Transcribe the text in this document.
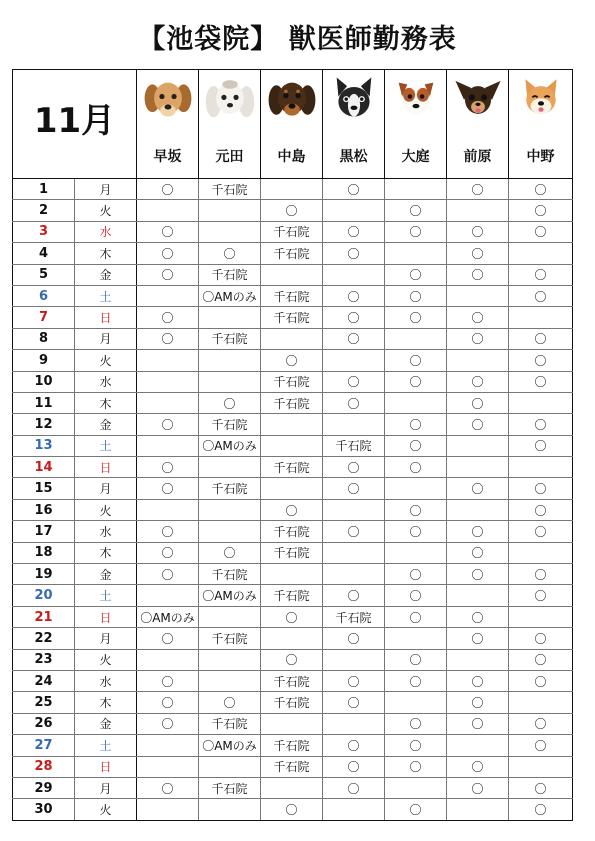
【池袋院】 獣医師勤務表
11月		早坂	元田	中島	黒松	大庭	前原	中野

1	月	〇	千石院		〇		〇	〇
2	火			〇		〇		〇
3	水	〇		千石院	〇	〇	〇	〇
4	木	〇	〇	千石院	〇		〇	
5	金	〇	千石院			〇	〇	〇
6	土		〇AMのみ	千石院	〇	〇		〇
7	日	〇		千石院	〇	〇	〇	
8	月	〇	千石院		〇		〇	〇
9	火			〇		〇		〇
10	水			千石院	〇	〇	〇	〇
11	木		〇	千石院	〇		〇	
12	金	〇	千石院			〇	〇	〇
13	土		〇AMのみ		千石院	〇		〇
14	日	〇		千石院	〇	〇		
15	月	〇	千石院		〇		〇	〇
16	火			〇		〇		〇
17	水	〇		千石院	〇	〇	〇	〇
18	木	〇	〇	千石院			〇	
19	金	〇	千石院			〇	〇	〇
20	土		〇AMのみ	千石院	〇	〇		〇
21	日	〇AMのみ		〇	千石院	〇	〇	
22	月	〇	千石院		〇		〇	〇
23	火			〇		〇		〇
24	水	〇		千石院	〇	〇	〇	〇
25	木	〇	〇	千石院	〇		〇	
26	金	〇	千石院			〇	〇	〇
27	土		〇AMのみ	千石院	〇	〇		〇
28	日			千石院	〇	〇	〇	
29	月	〇	千石院		〇		〇	〇
30	火			〇		〇		〇
